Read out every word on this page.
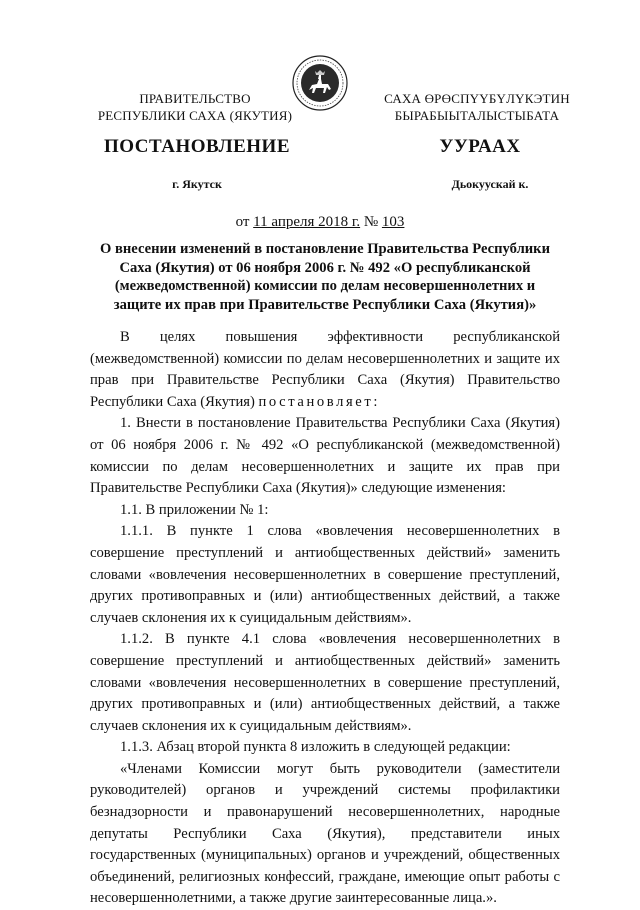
ПРАВИТЕЛЬСТВО
РЕСПУБЛИКИ САХА (ЯКУТИЯ)
САХА ӨРӨСПҮҮБҮЛҮКЭТИН
БЫРАБЫЫТАЛЫСТЫБАТА
ПОСТАНОВЛЕНИЕ	УУРААХ
г. Якутск	Дьокуускай к.
от 11 апреля 2018 г. № 103
О внесении изменений в постановление Правительства Республики Саха (Якутия) от 06 ноября 2006 г. № 492 «О республиканской (межведомственной) комиссии по делам несовершеннолетних и защите их прав при Правительстве Республики Саха (Якутия)»

В целях повышения эффективности республиканской (межведомственной) комиссии по делам несовершеннолетних и защите их прав при Правительстве Республики Саха (Якутия) Правительство Республики Саха (Якутия) постановляет:

1. Внести в постановление Правительства Республики Саха (Якутия) от 06 ноября 2006 г. № 492 «О республиканской (межведомственной) комиссии по делам несовершеннолетних и защите их прав при Правительстве Республики Саха (Якутия)» следующие изменения:

1.1. В приложении № 1:

1.1.1. В пункте 1 слова «вовлечения несовершеннолетних в совершение преступлений и антиобщественных действий» заменить словами «вовлечения несовершеннолетних в совершение преступлений, других противоправных и (или) антиобщественных действий, а также случаев склонения их к суицидальным действиям».

1.1.2. В пункте 4.1 слова «вовлечения несовершеннолетних в совершение преступлений и антиобщественных действий» заменить словами «вовлечения несовершеннолетних в совершение преступлений, других противоправных и (или) антиобщественных действий, а также случаев склонения их к суицидальным действиям».

1.1.3. Абзац второй пункта 8 изложить в следующей редакции:

«Членами Комиссии могут быть руководители (заместители руководителей) органов и учреждений системы профилактики безнадзорности и правонарушений несовершеннолетних, народные депутаты Республики Саха (Якутия), представители иных государственных (муниципальных) органов и учреждений, общественных объединений, религиозных конфессий, граждане, имеющие опыт работы с несовершеннолетними, а также другие заинтересованные лица.».
